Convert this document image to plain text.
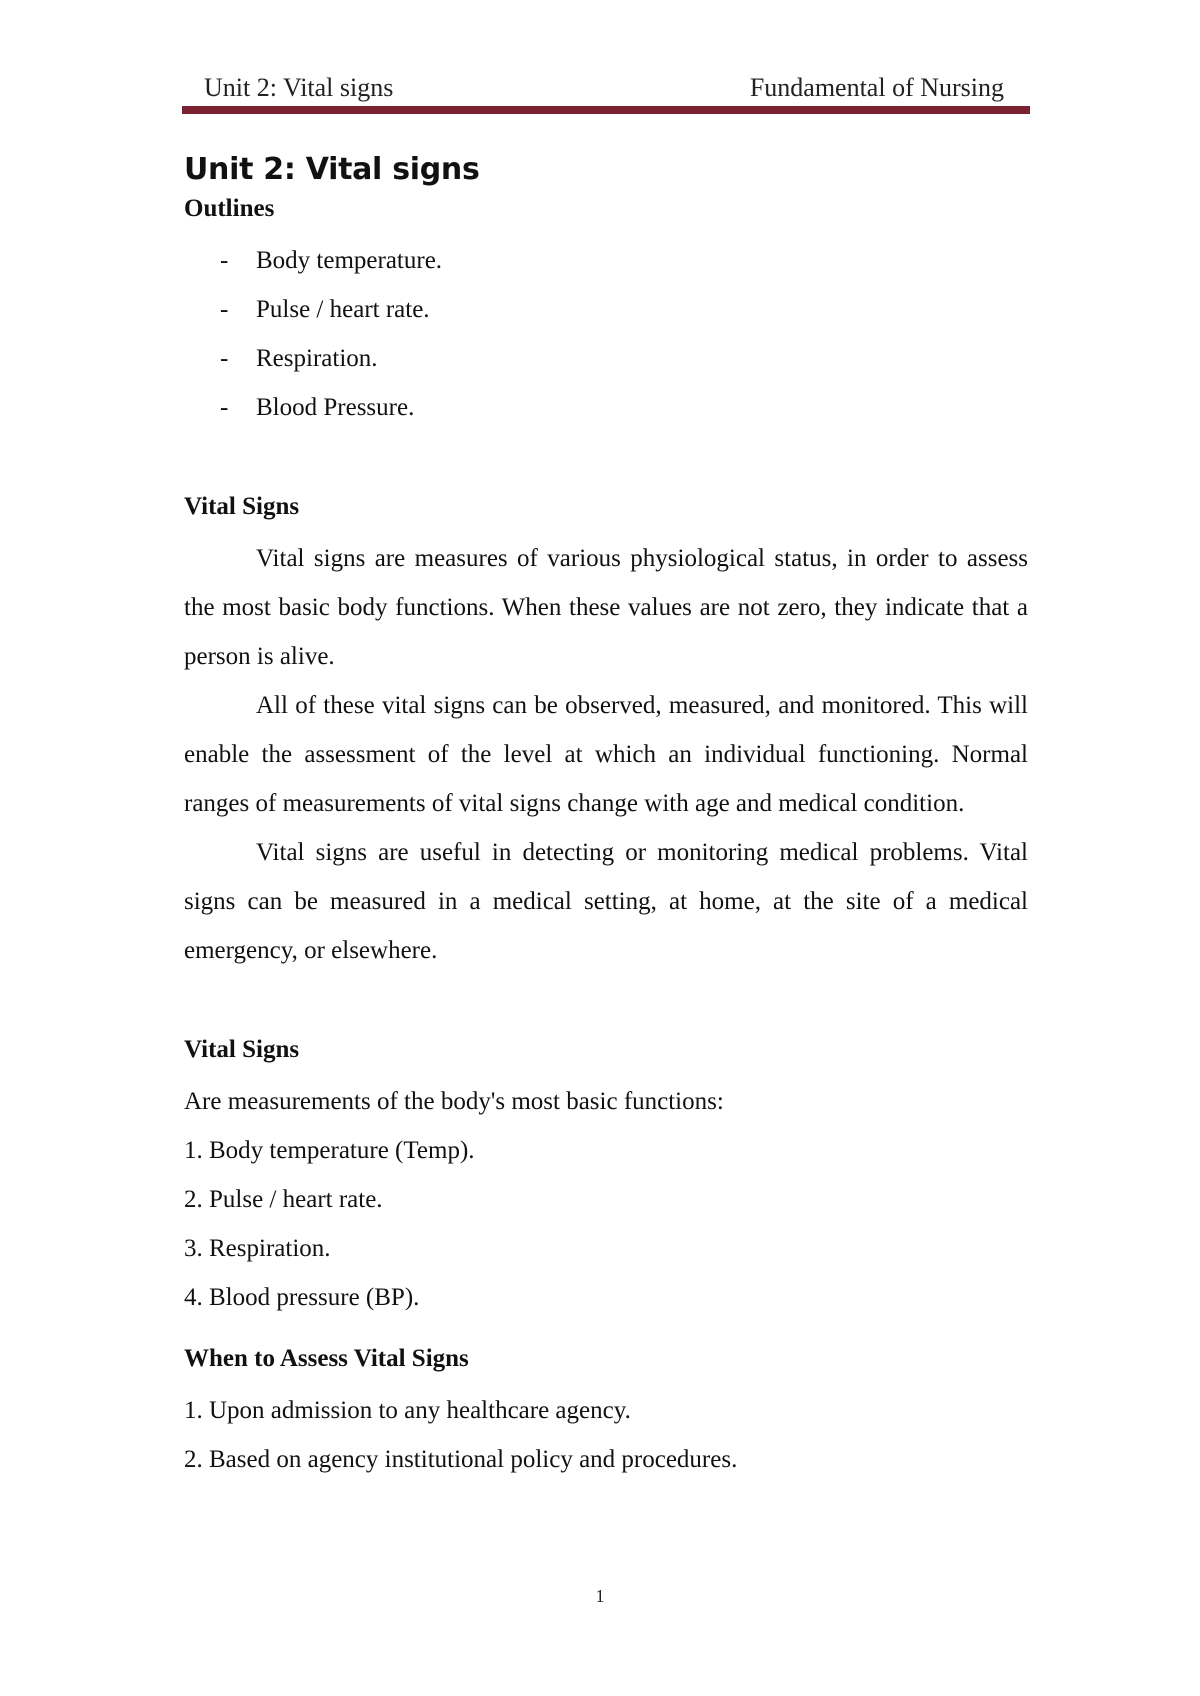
Unit 2: Vital signs	Fundamental of Nursing
Unit 2: Vital signs
Outlines
- Body temperature.
- Pulse / heart rate.
- Respiration.
- Blood Pressure.
Vital Signs

Vital signs are measures of various physiological status, in order to assess the most basic body functions. When these values are not zero, they indicate that a person is alive.

All of these vital signs can be observed, measured, and monitored. This will enable the assessment of the level at which an individual functioning. Normal ranges of measurements of vital signs change with age and medical condition.

Vital signs are useful in detecting or monitoring medical problems. Vital signs can be measured in a medical setting, at home, at the site of a medical emergency, or elsewhere.

Vital Signs

Are measurements of the body's most basic functions:

1. Body temperature (Temp).
2. Pulse / heart rate.
3. Respiration.
4. Blood pressure (BP).
When to Assess Vital Signs
1. Upon admission to any healthcare agency.
2. Based on agency institutional policy and procedures.
1
